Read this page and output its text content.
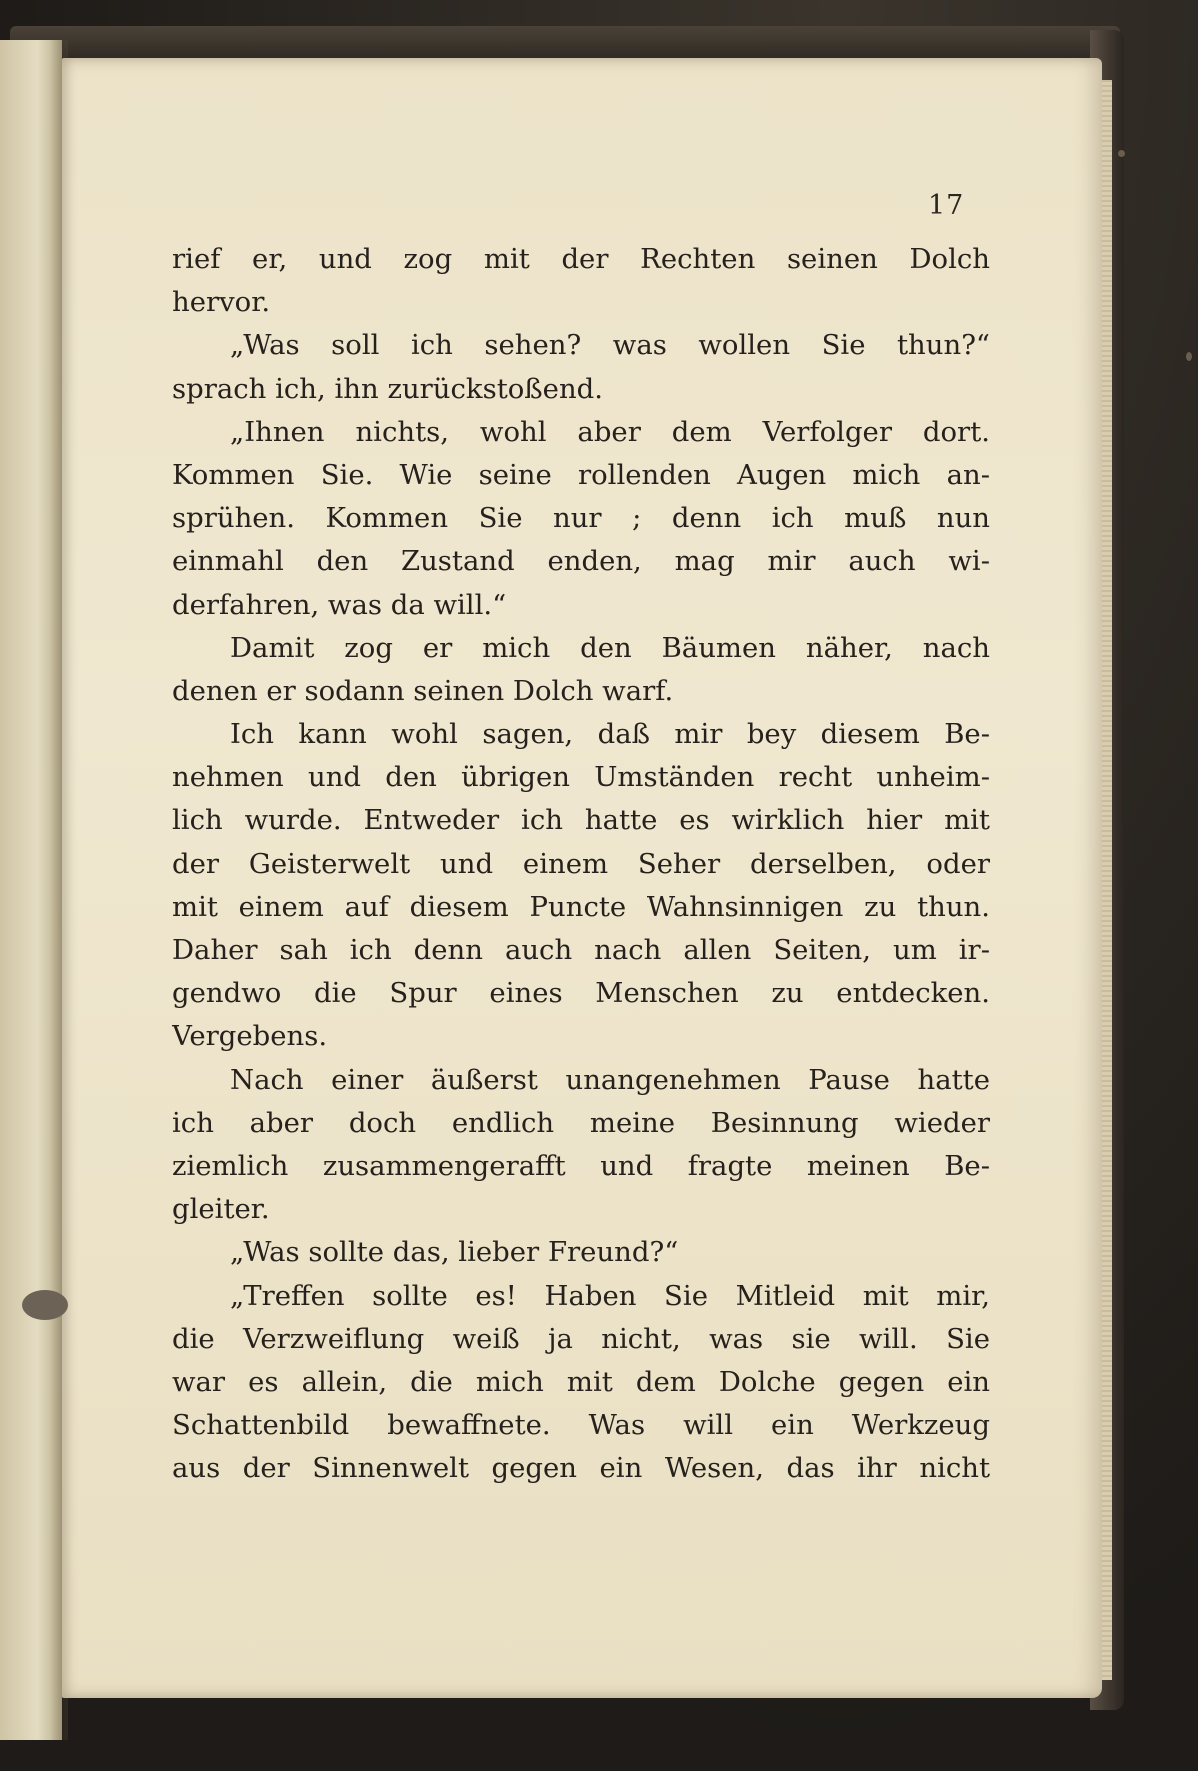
17
rief er, und zog mit der Rechten seinen Dolch
hervor.
„Was soll ich sehen? was wollen Sie thun?“
sprach ich, ihn zurückstoßend.
„Ihnen nichts, wohl aber dem Verfolger dort.
Kommen Sie. Wie seine rollenden Augen mich an-
sprühen. Kommen Sie nur ; denn ich muß nun
einmahl den Zustand enden, mag mir auch wi-
derfahren, was da will.“
Damit zog er mich den Bäumen näher, nach
denen er sodann seinen Dolch warf.
Ich kann wohl sagen, daß mir bey diesem Be-
nehmen und den übrigen Umständen recht unheim-
lich wurde. Entweder ich hatte es wirklich hier mit
der Geisterwelt und einem Seher derselben, oder
mit einem auf diesem Puncte Wahnsinnigen zu thun.
Daher sah ich denn auch nach allen Seiten, um ir-
gendwo die Spur eines Menschen zu entdecken.
Vergebens.
Nach einer äußerst unangenehmen Pause hatte
ich aber doch endlich meine Besinnung wieder
ziemlich zusammengerafft und fragte meinen Be-
gleiter.
„Was sollte das, lieber Freund?“
„Treffen sollte es! Haben Sie Mitleid mit mir,
die Verzweiflung weiß ja nicht, was sie will. Sie
war es allein, die mich mit dem Dolche gegen ein
Schattenbild bewaffnete. Was will ein Werkzeug
aus der Sinnenwelt gegen ein Wesen, das ihr nicht
